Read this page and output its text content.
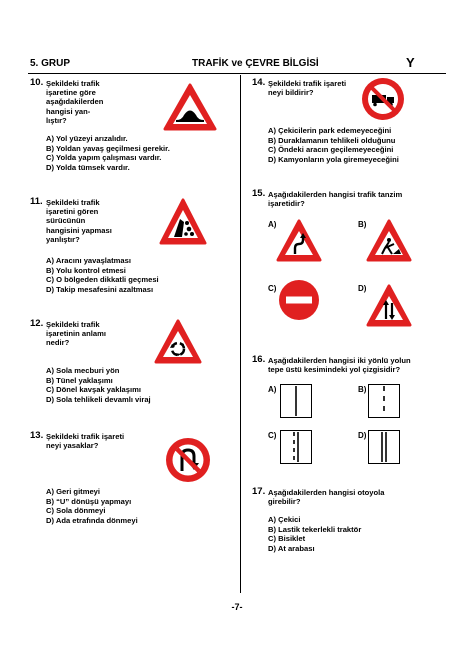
5. GRUP	TRAFİK ve ÇEVRE BİLGİSİ	Y
10. Şekildeki trafik
işaretine göre
aşağıdakilerden
hangisi yan-
lıştır?
A) Yol yüzeyi arızalıdır.
B) Yoldan yavaş geçilmesi gerekir.
C) Yolda yapım çalışması vardır.
D) Yolda tümsek vardır.
11. Şekildeki trafik
işaretini gören
sürücünün
hangisini yapması
yanlıştır?
A) Aracını yavaşlatması
B) Yolu kontrol etmesi
C) O bölgeden dikkatli geçmesi
D) Takip mesafesini azaltması
12. Şekildeki trafik
işaretinin anlamı
nedir?
A) Sola mecburi yön
B) Tünel yaklaşımı
C) Dönel kavşak yaklaşımı
D) Sola tehlikeli devamlı viraj
13. Şekildeki trafik işareti
neyi yasaklar?
A) Geri gitmeyi
B) “U” dönüşü yapmayı
C) Sola dönmeyi
D) Ada etrafında dönmeyi
14. Şekildeki trafik işareti
neyi bildirir?
A) Çekicilerin park edemeyeceğini
B) Duraklamanın tehlikeli olduğunu
C) Öndeki aracın geçilemeyeceğini
D) Kamyonların yola giremeyeceğini
15. Aşağıdakilerden hangisi trafik tanzim
işaretidir?
A)	B)
C)	D)
16. Aşağıdakilerden hangisi iki yönlü yolun
tepe üstü kesimindeki yol çizgisidir?
A)	B)
C)	D)
17. Aşağıdakilerden hangisi otoyola
girebilir?
A) Çekici
B) Lastik tekerlekli traktör
C) Bisiklet
D) At arabası
-7-
